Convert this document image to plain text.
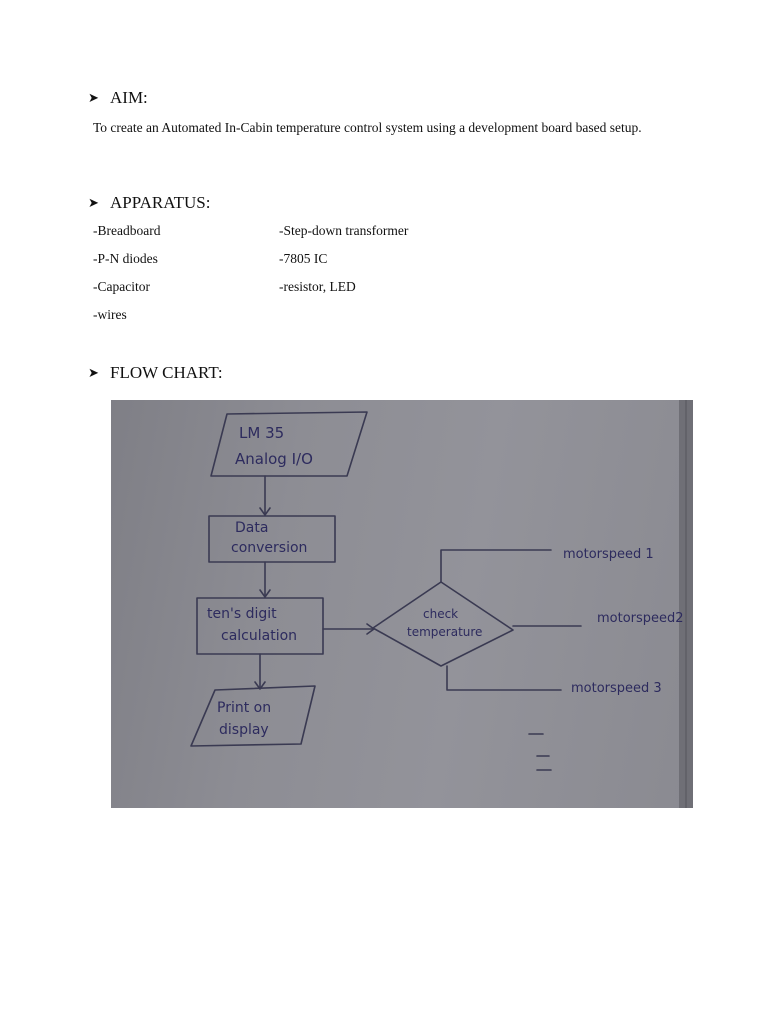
➤ AIM:
To create an Automated In-Cabin temperature control system using a development board based setup.
➤ APPARATUS:
-Breadboard
-P-N diodes
-Capacitor
-wires
-Step-down transformer
-7805 IC
-resistor, LED
➤ FLOW CHART:
LM 35
Analog I/O
Data
conversion
ten's digit
calculation
Print on
display
check
temperature
motorspeed 1
motorspeed2
motorspeed 3
